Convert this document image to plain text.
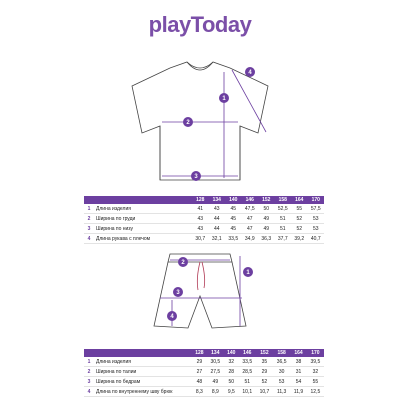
playToday
1
2
3
4
		128	134	140	146	152	158	164	170
1	Длина изделия	41	43	45	47,5	50	52,5	55	57,5
2	Ширина по груди	43	44	45	47	49	51	52	53
3	Ширина по низу	43	44	45	47	49	51	52	53
4	Длина рукава с плечом	30,7	32,1	33,5	34,9	36,3	37,7	39,2	40,7
1
2
3
4
		128	134	140	146	152	158	164	170
1	Длина изделия	29	30,5	32	33,5	35	36,5	38	39,5
2	Ширина по талии	27	27,5	28	28,5	29	30	31	32
3	Ширина по бедрам	48	49	50	51	52	53	54	55
4	Длина по внутреннему шву брюк	8,3	8,9	9,5	10,1	10,7	11,3	11,9	12,5
